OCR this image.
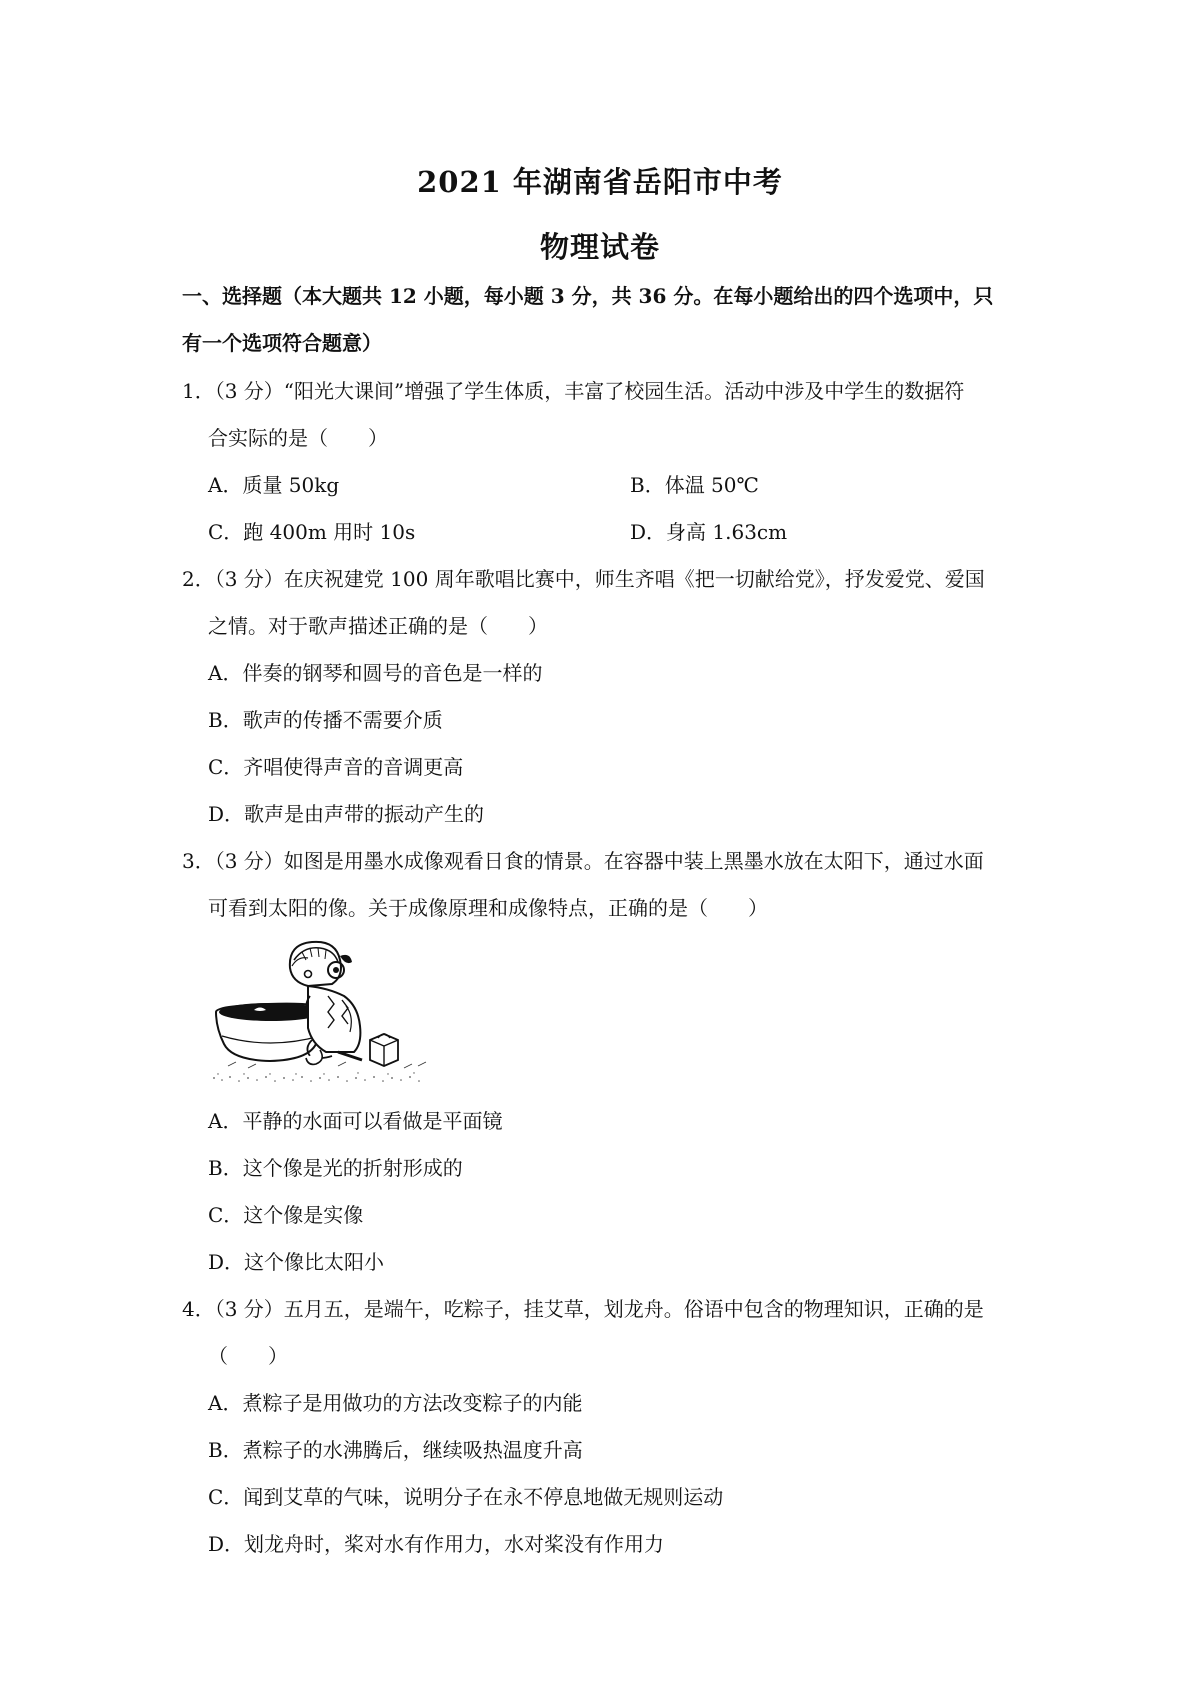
2021 年湖南省岳阳市中考
物理试卷
一、选择题（本大题共 12 小题，每小题 3 分，共 36 分。在每小题给出的四个选项中，只
有一个选项符合题意）
1．（3 分）“阳光大课间”增强了学生体质，丰富了校园生活。活动中涉及中学生的数据符
合实际的是（　　）
A．质量 50kg	B．体温 50℃
C．跑 400m 用时 10s	D．身高 1.63cm
2．（3 分）在庆祝建党 100 周年歌唱比赛中，师生齐唱《把一切献给党》，抒发爱党、爱国
之情。对于歌声描述正确的是（　　）
A．伴奏的钢琴和圆号的音色是一样的
B．歌声的传播不需要介质
C．齐唱使得声音的音调更高
D．歌声是由声带的振动产生的
3．（3 分）如图是用墨水成像观看日食的情景。在容器中装上黑墨水放在太阳下，通过水面
可看到太阳的像。关于成像原理和成像特点，正确的是（　　）
A．平静的水面可以看做是平面镜
B．这个像是光的折射形成的
C．这个像是实像
D．这个像比太阳小
4．（3 分）五月五，是端午，吃粽子，挂艾草，划龙舟。俗语中包含的物理知识，正确的是
（　　）
A．煮粽子是用做功的方法改变粽子的内能
B．煮粽子的水沸腾后，继续吸热温度升高
C．闻到艾草的气味，说明分子在永不停息地做无规则运动
D．划龙舟时，桨对水有作用力，水对桨没有作用力
